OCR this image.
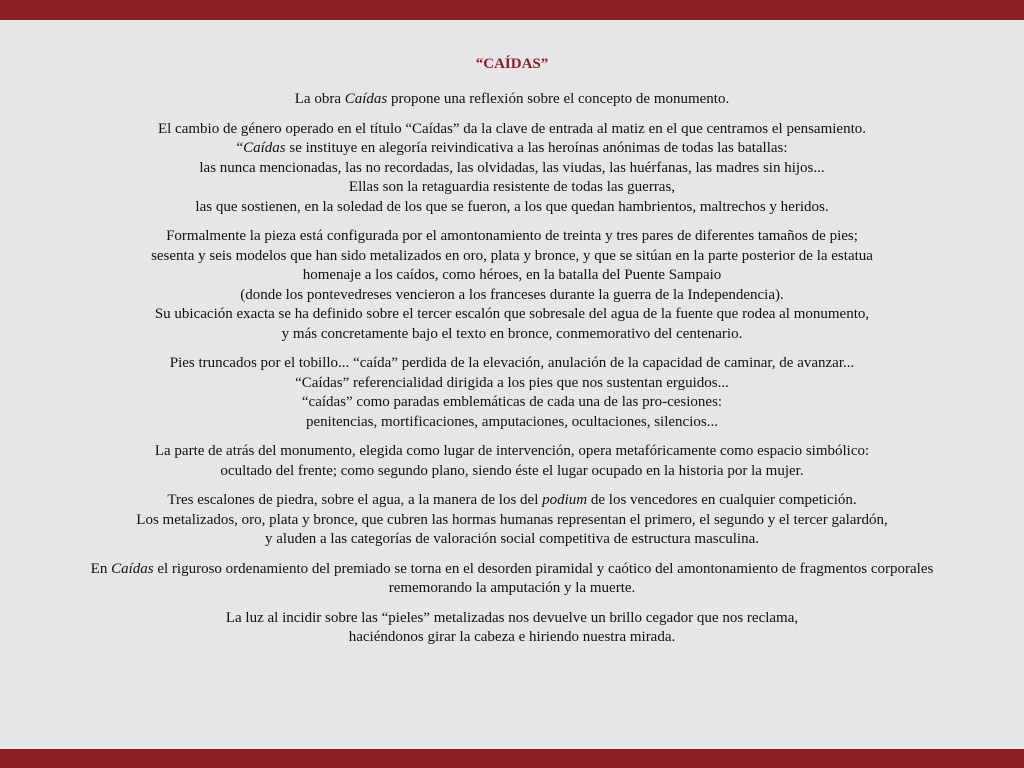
“CAÍDAS”
La obra Caídas propone una reflexión sobre el concepto de monumento.
El cambio de género operado en el título “Caídas” da la clave de entrada al matiz en el que centramos el pensamiento.
“Caídas se instituye en alegoría reivindicativa a las heroínas anónimas de todas las batallas:
las nunca mencionadas, las no recordadas, las olvidadas, las viudas, las huérfanas, las madres sin hijos...
Ellas son la retaguardia resistente de todas las guerras,
las que sostienen, en la soledad de los que se fueron, a los que quedan hambrientos, maltrechos y heridos.
Formalmente la pieza está configurada por el amontonamiento de treinta y tres pares de diferentes tamaños de pies;
sesenta y seis modelos que han sido metalizados en oro, plata y bronce, y que se sitúan en la parte posterior de la estatua
homenaje a los caídos, como héroes, en la batalla del Puente Sampaio
(donde los pontevedreses vencieron a los franceses durante la guerra de la Independencia).
Su ubicación exacta se ha definido sobre el tercer escalón que sobresale del agua de la fuente que rodea al monumento,
y más concretamente bajo el texto en bronce, conmemorativo del centenario.
Pies truncados por el tobillo... “caída” perdida de la elevación, anulación de la capacidad de caminar, de avanzar...
“Caídas” referencialidad dirigida a los pies que nos sustentan erguidos...
“caídas” como paradas emblemáticas de cada una de las pro-cesiones:
penitencias, mortificaciones, amputaciones, ocultaciones, silencios...
La parte de atrás del monumento, elegida como lugar de intervención, opera metafóricamente como espacio simbólico:
ocultado del frente; como segundo plano, siendo éste el lugar ocupado en la historia por la mujer.
Tres escalones de piedra, sobre el agua, a la manera de los del podium de los vencedores en cualquier competición.
Los metalizados, oro, plata y bronce, que cubren las hormas humanas representan el primero, el segundo y el tercer galardón,
y aluden a las categorías de valoración social competitiva de estructura masculina.
En Caídas el riguroso ordenamiento del premiado se torna en el desorden piramidal y caótico del amontonamiento de fragmentos corporales
rememorando la amputación y la muerte.
La luz al incidir sobre las “pieles” metalizadas nos devuelve un brillo cegador que nos reclama,
haciéndonos girar la cabeza e hiriendo nuestra mirada.
